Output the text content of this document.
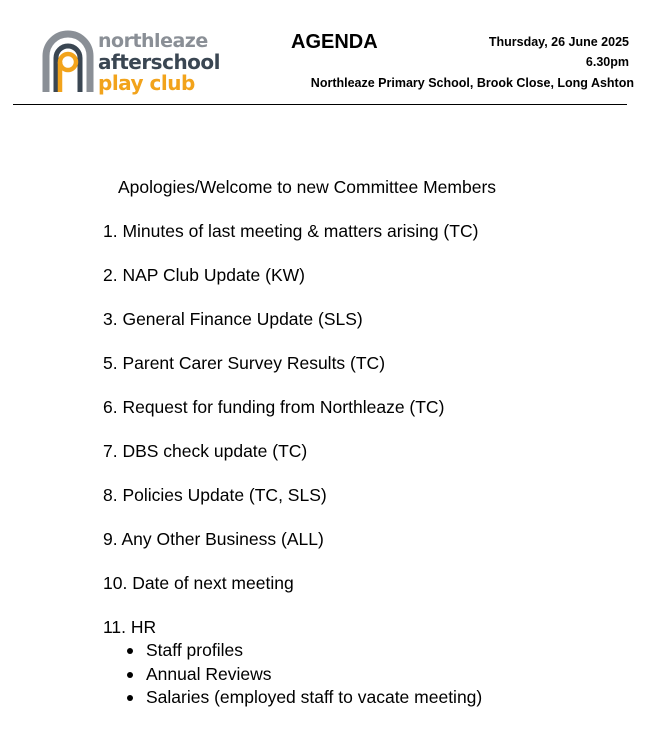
northleaze
afterschool
play club
AGENDA	Thursday, 26 June 2025
6.30pm
Northleaze Primary School, Brook Close, Long Ashton
Apologies/Welcome to new Committee Members
1. Minutes of last meeting & matters arising (TC)
2. NAP Club Update (KW)
3. General Finance Update (SLS)
5. Parent Carer Survey Results (TC)
6. Request for funding from Northleaze (TC)
7. DBS check update (TC)
8. Policies Update (TC, SLS)
9. Any Other Business (ALL)
10. Date of next meeting
11. HR
Staff profiles
Annual Reviews
Salaries (employed staff to vacate meeting)
